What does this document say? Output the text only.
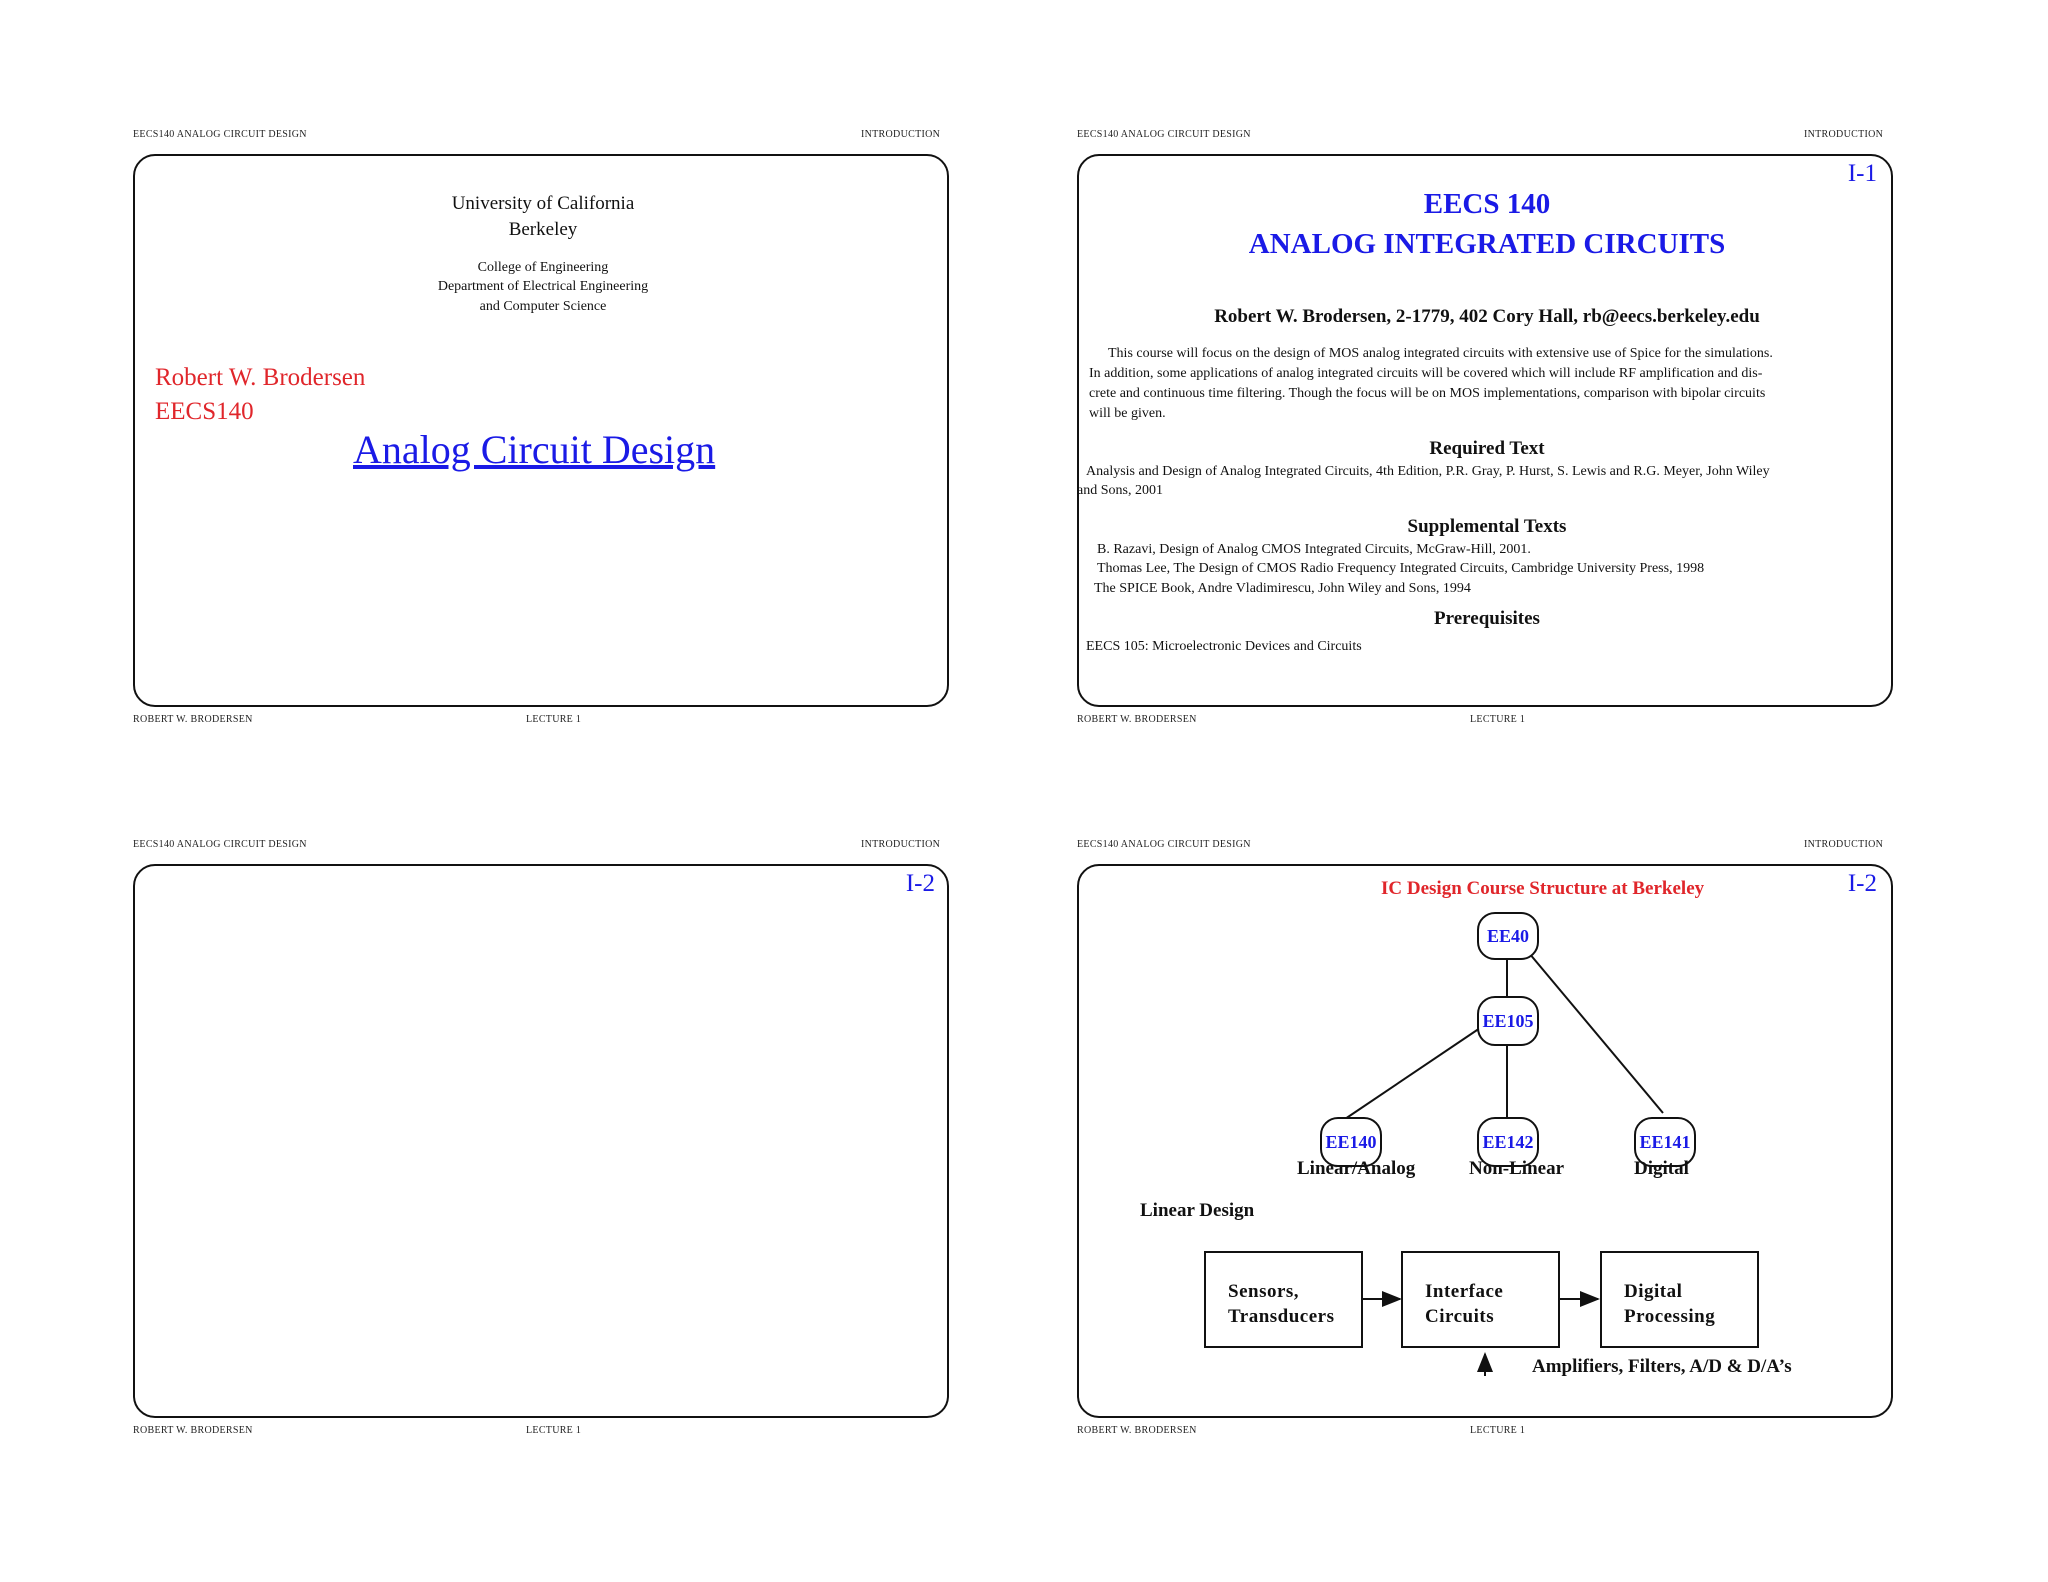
EECS140 ANALOG CIRCUIT DESIGN	INTRODUCTION
University of California
Berkeley
College of Engineering
Department of Electrical Engineering
and Computer Science
Robert W. Brodersen
EECS140
Analog Circuit Design
ROBERT W. BRODERSEN	LECTURE 1
EECS140 ANALOG CIRCUIT DESIGN	INTRODUCTION
I-1
EECS 140
ANALOG INTEGRATED CIRCUITS
Robert W. Brodersen, 2-1779, 402 Cory Hall, rb@eecs.berkeley.edu
This course will focus on the design of MOS analog integrated circuits with extensive use of Spice for the simulations.
In addition, some applications of analog integrated circuits will be covered which will include RF amplification and dis-
crete and continuous time filtering. Though the focus will be on MOS implementations, comparison with bipolar circuits
will be given.
Required Text
Analysis and Design of Analog Integrated Circuits, 4th Edition, P.R. Gray, P. Hurst, S. Lewis and R.G. Meyer, John Wiley
and Sons, 2001
Supplemental Texts
B. Razavi, Design of Analog CMOS Integrated Circuits, McGraw-Hill, 2001.
Thomas Lee, The Design of CMOS Radio Frequency Integrated Circuits, Cambridge University Press, 1998
The SPICE Book, Andre Vladimirescu, John Wiley and Sons, 1994
Prerequisites
EECS 105: Microelectronic Devices and Circuits
ROBERT W. BRODERSEN	LECTURE 1
EECS140 ANALOG CIRCUIT DESIGN	INTRODUCTION
I-2
ROBERT W. BRODERSEN	LECTURE 1
EECS140 ANALOG CIRCUIT DESIGN	INTRODUCTION
I-2
IC Design Course Structure at Berkeley
EE40
EE105
EE140	EE142	EE141
Linear/Analog	Non-Linear	Digital
Linear Design
Sensors,
Transducers
Interface
Circuits
Digital
Processing
Amplifiers, Filters, A/D & D/A’s
ROBERT W. BRODERSEN	LECTURE 1
